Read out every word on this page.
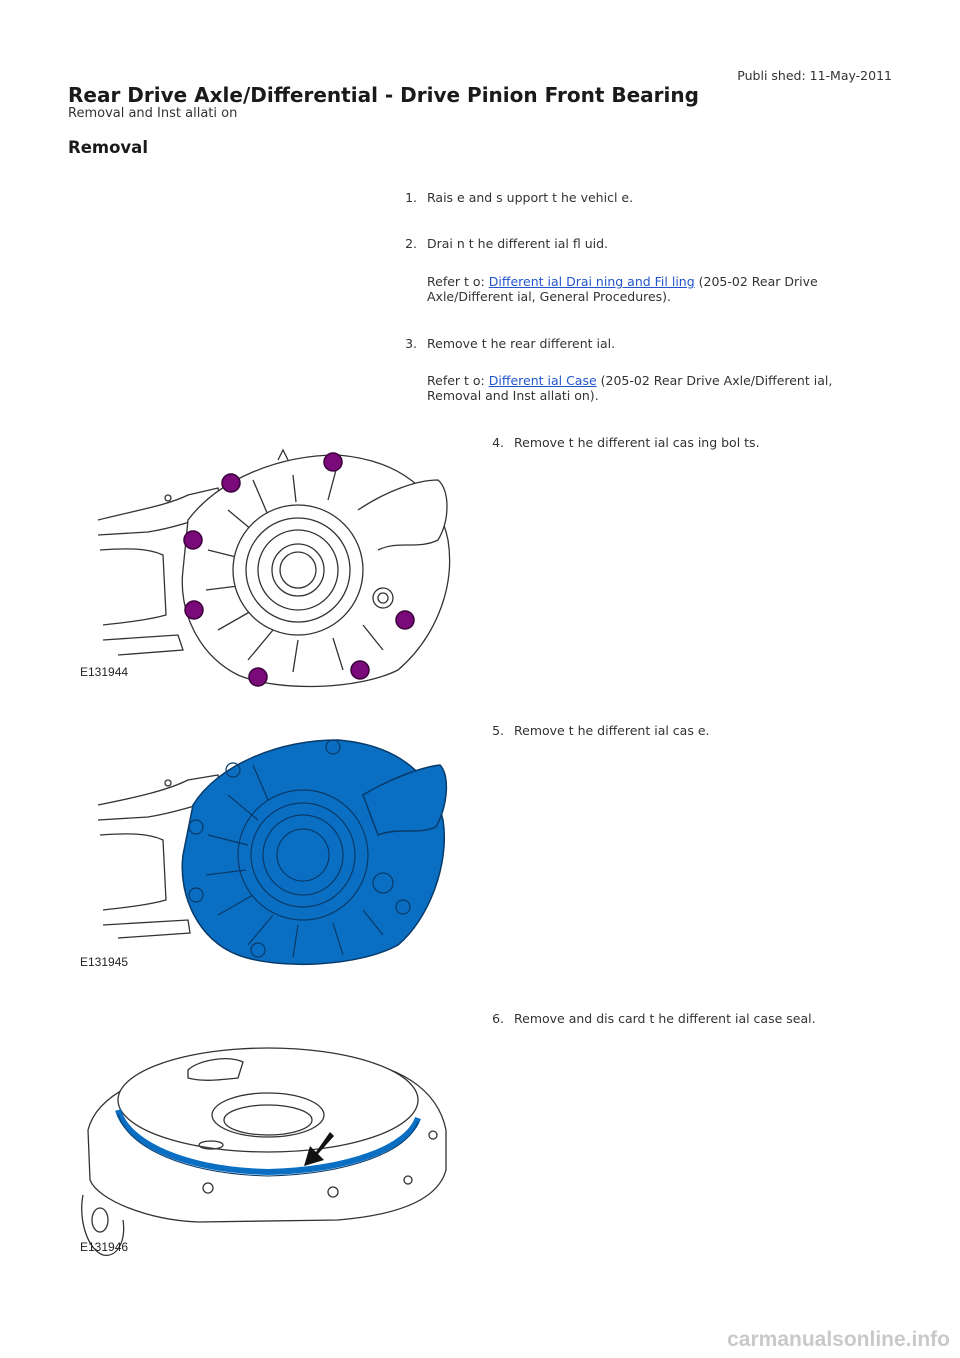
Publi shed: 11-May-2011
Rear Drive Axle/Differential - Drive Pinion Front Bearing
Removal and Inst allati on
Removal
1. Rais e and s upport t he vehicl e.
2. Drai n t he different ial fl uid.
Refer t o: Different ial Drai ning and Fil ling (205-02 Rear Drive Axle/Different ial, General Procedures).
3. Remove t he rear different ial.
Refer t o: Different ial Case (205-02 Rear Drive Axle/Different ial, Removal and Inst allati on).
4. Remove t he different ial cas ing bol ts.
5. Remove t he different ial cas e.
6. Remove and dis card t he different ial case seal.
E131944
E131945
E131946
carmanualsonline.info
